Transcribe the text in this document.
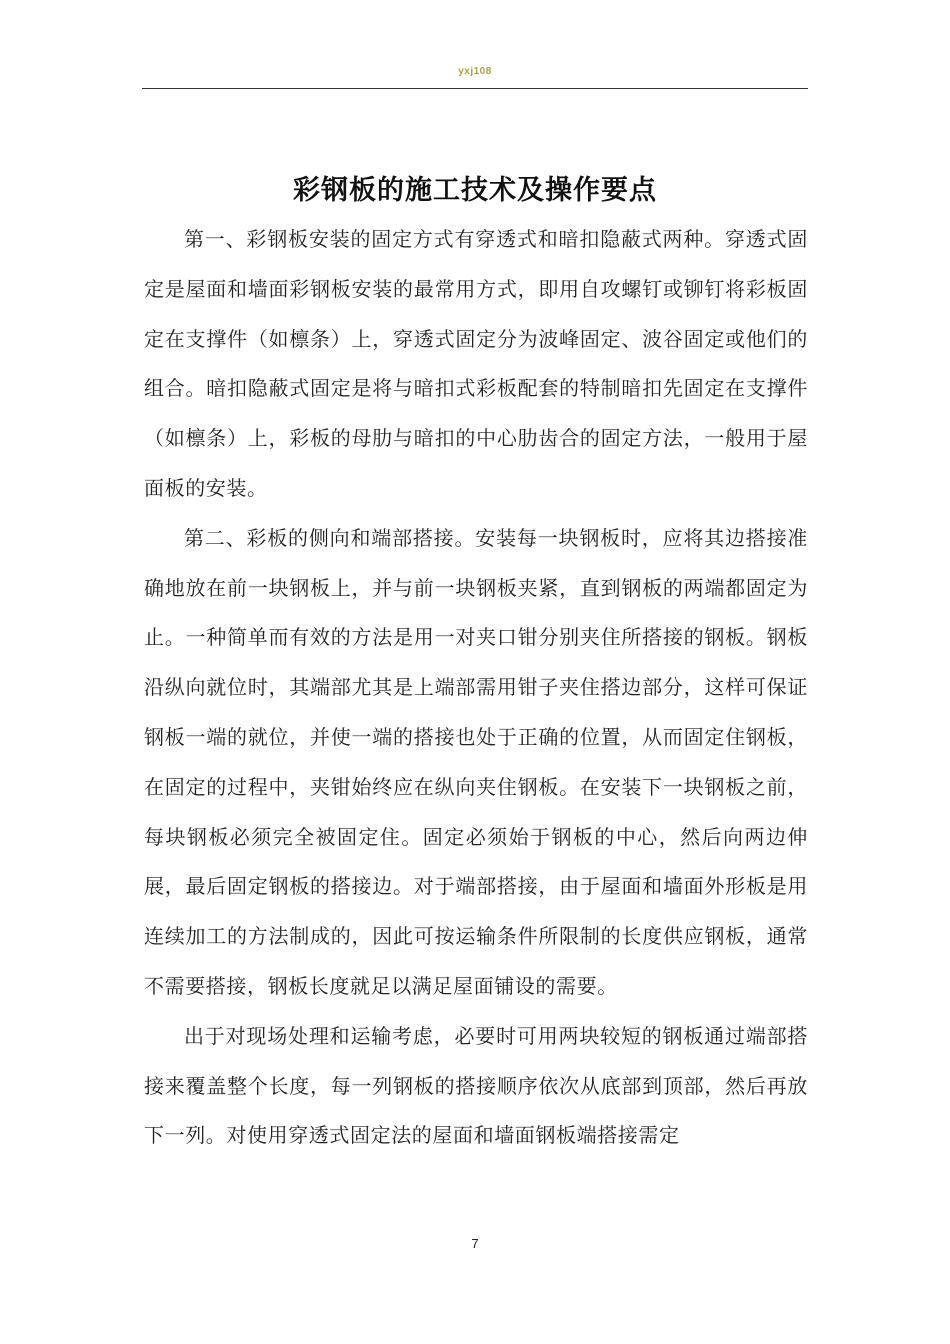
yxj108
彩钢板的施工技术及操作要点

第一、彩钢板安装的固定方式有穿透式和暗扣隐蔽式两种。穿透式固定是屋面和墙面彩钢板安装的最常用方式，即用自攻螺钉或铆钉将彩板固定在支撑件（如檩条）上，穿透式固定分为波峰固定、波谷固定或他们的组合。暗扣隐蔽式固定是将与暗扣式彩板配套的特制暗扣先固定在支撑件（如檩条）上，彩板的母肋与暗扣的中心肋齿合的固定方法，一般用于屋面板的安装。

第二、彩板的侧向和端部搭接。安装每一块钢板时，应将其边搭接准确地放在前一块钢板上，并与前一块钢板夹紧，直到钢板的两端都固定为止。一种简单而有效的方法是用一对夹口钳分别夹住所搭接的钢板。钢板沿纵向就位时，其端部尤其是上端部需用钳子夹住搭边部分，这样可保证钢板一端的就位，并使一端的搭接也处于正确的位置，从而固定住钢板，在固定的过程中，夹钳始终应在纵向夹住钢板。在安装下一块钢板之前，每块钢板必须完全被固定住。固定必须始于钢板的中心，然后向两边伸展，最后固定钢板的搭接边。对于端部搭接，由于屋面和墙面外形板是用连续加工的方法制成的，因此可按运输条件所限制的长度供应钢板，通常不需要搭接，钢板长度就足以满足屋面铺设的需要。

出于对现场处理和运输考虑，必要时可用两块较短的钢板通过端部搭接来覆盖整个长度，每一列钢板的搭接顺序依次从底部到顶部，然后再放下一列。对使用穿透式固定法的屋面和墙面钢板端搭接需定

7
